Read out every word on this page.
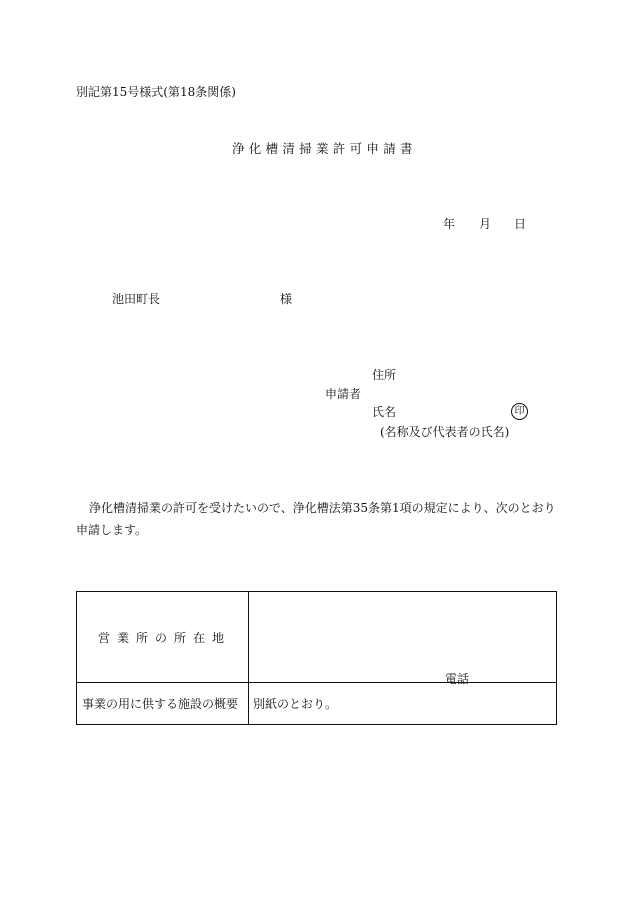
別記第15号様式(第18条関係)
浄化槽清掃業許可申請書
年 月 日
池田町長	様
住所
申請者
氏名	印
(名称及び代表者の氏名)
浄化槽清掃業の許可を受けたいので、浄化槽法第35条第1項の規定により、次のとおり申請します。
営業所の所在地	電話

事業の用に供する施設の概要	別紙のとおり。
